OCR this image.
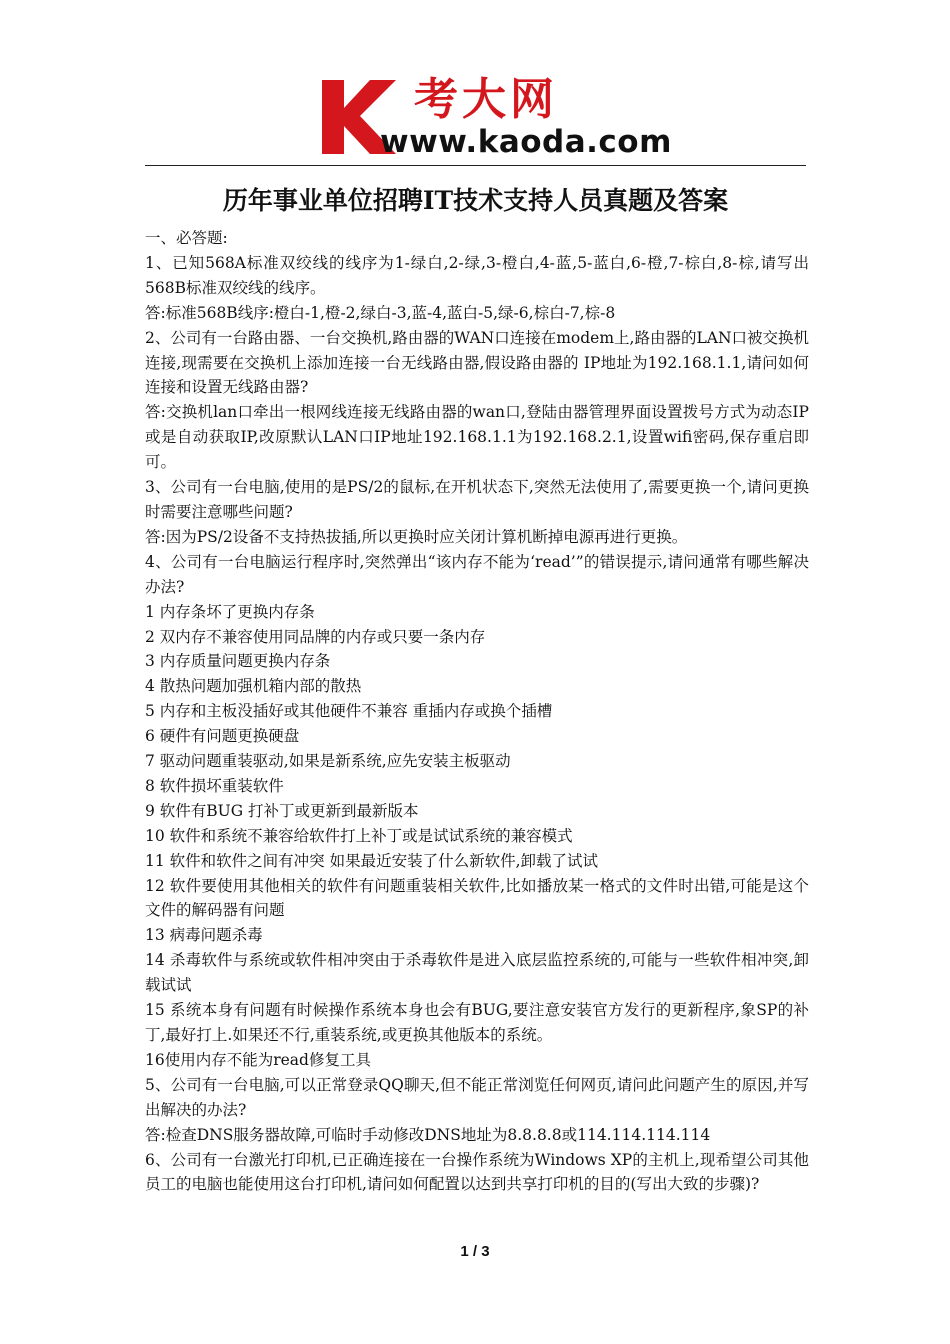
考大网
www.kaoda.com
历年事业单位招聘IT技术支持人员真题及答案

一、必答题:

1、已知568A标准双绞线的线序为1-绿白,2-绿,3-橙白,4-蓝,5-蓝白,6-橙,7-棕白,8-棕,请写出568B标准双绞线的线序。

答:标准568B线序:橙白-1,橙-2,绿白-3,蓝-4,蓝白-5,绿-6,棕白-7,棕-8

2、公司有一台路由器、一台交换机,路由器的WAN口连接在modem上,路由器的LAN口被交换机连接,现需要在交换机上添加连接一台无线路由器,假设路由器的 IP地址为192.168.1.1,请问如何连接和设置无线路由器?

答:交换机lan口牵出一根网线连接无线路由器的wan口,登陆由器管理界面设置拨号方式为动态IP或是自动获取IP,改原默认LAN口IP地址192.168.1.1为192.168.2.1,设置wifi密码,保存重启即可。

3、公司有一台电脑,使用的是PS/2的鼠标,在开机状态下,突然无法使用了,需要更换一个,请问更换时需要注意哪些问题?

答:因为PS/2设备不支持热拔插,所以更换时应关闭计算机断掉电源再进行更换。

4、公司有一台电脑运行程序时,突然弹出“该内存不能为‘read’”的错误提示,请问通常有哪些解决办法?

1 内存条坏了更换内存条

2 双内存不兼容使用同品牌的内存或只要一条内存

3 内存质量问题更换内存条

4 散热问题加强机箱内部的散热

5 内存和主板没插好或其他硬件不兼容 重插内存或换个插槽

6 硬件有问题更换硬盘

7 驱动问题重装驱动,如果是新系统,应先安装主板驱动

8 软件损坏重装软件

9 软件有BUG 打补丁或更新到最新版本

10 软件和系统不兼容给软件打上补丁或是试试系统的兼容模式

11 软件和软件之间有冲突 如果最近安装了什么新软件,卸载了试试

12 软件要使用其他相关的软件有问题重装相关软件,比如播放某一格式的文件时出错,可能是这个文件的解码器有问题

13 病毒问题杀毒

14 杀毒软件与系统或软件相冲突由于杀毒软件是进入底层监控系统的,可能与一些软件相冲突,卸载试试

15 系统本身有问题有时候操作系统本身也会有BUG,要注意安装官方发行的更新程序,象SP的补丁,最好打上.如果还不行,重装系统,或更换其他版本的系统。

16使用内存不能为read修复工具

5、公司有一台电脑,可以正常登录QQ聊天,但不能正常浏览任何网页,请问此问题产生的原因,并写出解决的办法?

答:检查DNS服务器故障,可临时手动修改DNS地址为8.8.8.8或114.114.114.114

6、公司有一台激光打印机,已正确连接在一台操作系统为Windows XP的主机上,现希望公司其他员工的电脑也能使用这台打印机,请问如何配置以达到共享打印机的目的(写出大致的步骤)?

1 / 3
